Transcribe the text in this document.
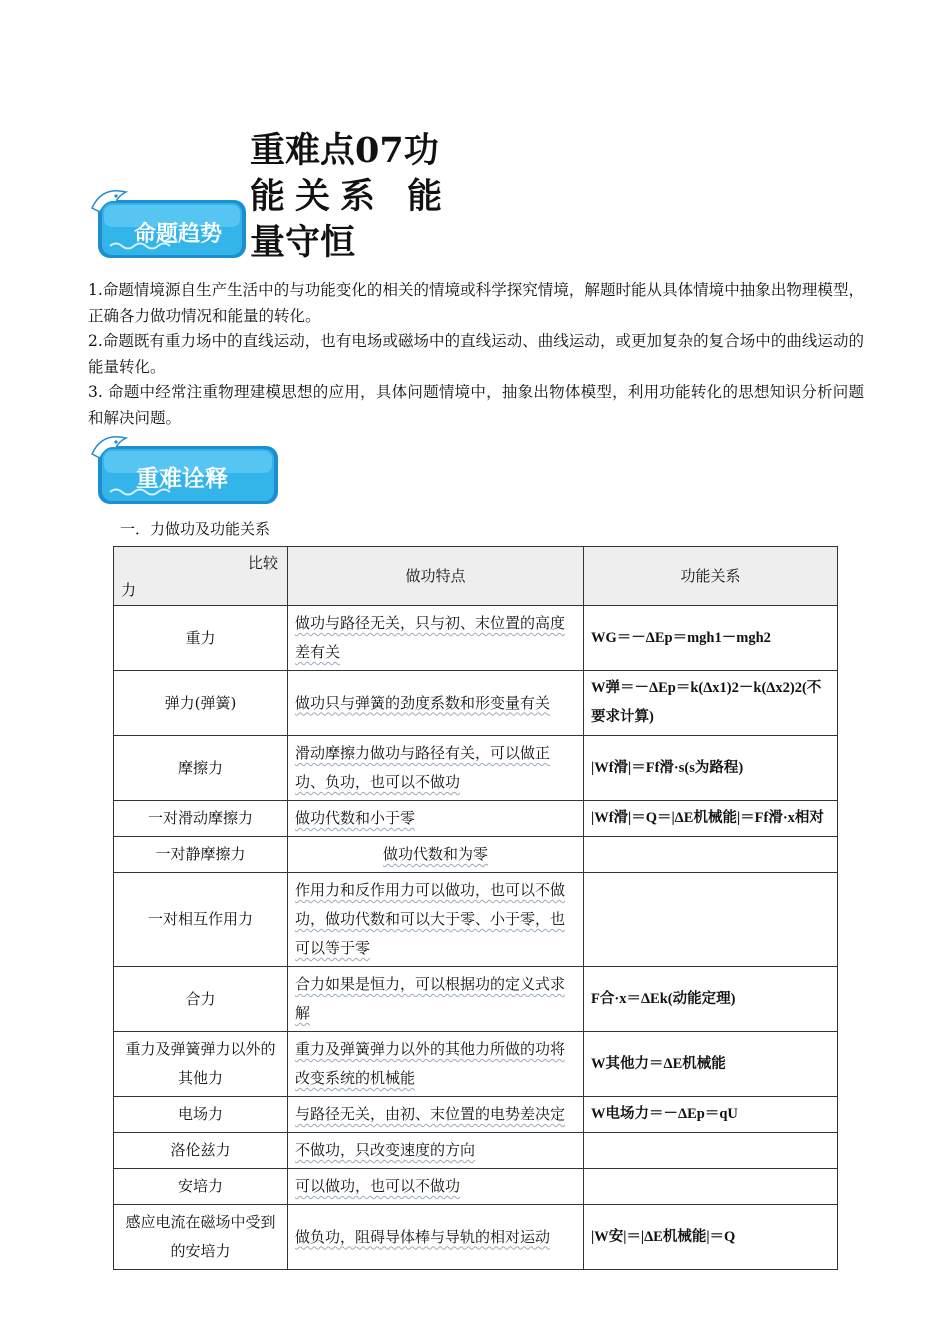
重难点07功
能关系 能
量守恒
命题趋势
重难诠释

1.命题情境源自生产生活中的与功能变化的相关的情境或科学探究情境，解题时能从具体情境中抽象出物理模型，正确各力做功情况和能量的转化。

2.命题既有重力场中的直线运动，也有电场或磁场中的直线运动、曲线运动，或更加复杂的复合场中的曲线运动的能量转化。

3. 命题中经常注重物理建模思想的应用，具体问题情境中，抽象出物体模型，利用功能转化的思想知识分析问题和解决问题。

一．力做功及功能关系
比较
力	做功特点	功能关系
重力	做功与路径无关，只与初、末位置的高度差有关	WG＝－ΔEp＝mgh1－mgh2
弹力(弹簧)	做功只与弹簧的劲度系数和形变量有关	W弹＝－ΔEp＝k(Δx1)2－k(Δx2)2(不要求计算)
摩擦力	滑动摩擦力做功与路径有关，可以做正功、负功，也可以不做功	|Wf滑|＝Ff滑·s(s为路程)
一对滑动摩擦力	做功代数和小于零	|Wf滑|＝Q＝|ΔE机械能|＝Ff滑·x相对
一对静摩擦力	做功代数和为零	
一对相互作用力	作用力和反作用力可以做功，也可以不做功，做功代数和可以大于零、小于零，也可以等于零	
合力	合力如果是恒力，可以根据功的定义式求解	F合·x＝ΔEk(动能定理)
重力及弹簧弹力以外的其他力	重力及弹簧弹力以外的其他力所做的功将改变系统的机械能	W其他力＝ΔE机械能
电场力	与路径无关，由初、末位置的电势差决定	W电场力＝－ΔEp＝qU
洛伦兹力	不做功，只改变速度的方向	
安培力	可以做功，也可以不做功	
感应电流在磁场中受到的安培力	做负功，阻碍导体棒与导轨的相对运动	|W安|＝|ΔE机械能|＝Q
